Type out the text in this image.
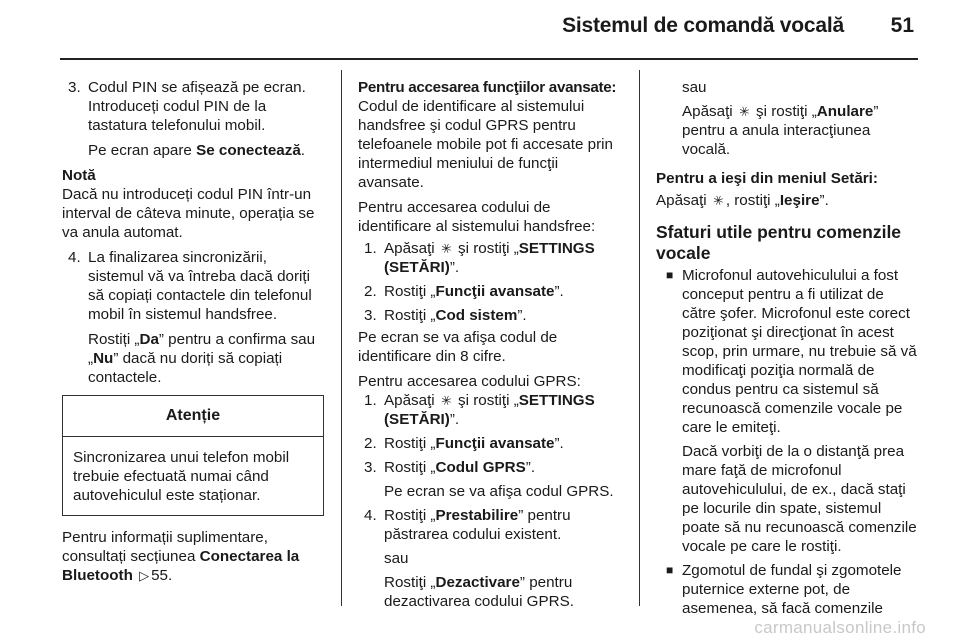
Sistemul de comandă vocală 51
3. Codul PIN se afișează pe ecran. Introduceți codul PIN de la tastatura telefonului mobil.

Pe ecran apare Se conectează.

Notă

Dacă nu introduceți codul PIN într-un interval de câteva minute, operația se va anula automat.

4. La finalizarea sincronizării, sistemul vă va întreba dacă doriți să copiați contactele din telefonul mobil în sistemul handsfree.

Rostiți „Da” pentru a confirma sau „Nu” dacă nu doriți să copiați contactele.

Atenție
Sincronizarea unui telefon mobil trebuie efectuată numai când autovehiculul este staționar.

Pentru informații suplimentare, consultați secțiunea Conectarea la Bluetooth ▷ 55.

Pentru accesarea funcţiilor avansate:

Codul de identificare al sistemului handsfree şi codul GPRS pentru telefoanele mobile pot fi accesate prin intermediul meniului de funcţii avansate.

Pentru accesarea codului de identificare al sistemului handsfree:

1. Apăsaţi ✳ şi rostiţi „SETTINGS (SETĂRI)”.

2. Rostiţi „Funcţii avansate”.

3. Rostiţi „Cod sistem”.

Pe ecran se va afişa codul de identificare din 8 cifre.

Pentru accesarea codului GPRS:

1. Apăsaţi ✳ şi rostiţi „SETTINGS (SETĂRI)”.

2. Rostiţi „Funcţii avansate”.

3. Rostiţi „Codul GPRS”.

Pe ecran se va afişa codul GPRS.

4. Rostiţi „Prestabilire” pentru păstrarea codului existent.

sau

Rostiţi „Dezactivare” pentru dezactivarea codului GPRS.

sau

Apăsaţi ✳ şi rostiţi „Anulare” pentru a anula interacţiunea vocală.

Pentru a ieşi din meniul Setări:

Apăsaţi ✳, rostiţi „Ieşire”.

Sfaturi utile pentru comenzile vocale

■ Microfonul autovehiculului a fost conceput pentru a fi utilizat de către şofer. Microfonul este corect poziţionat şi direcţionat în acest scop, prin urmare, nu trebuie să vă modificaţi poziţia normală de condus pentru ca sistemul să recunoască comenzile vocale pe care le emiteţi.

Dacă vorbiţi de la o distanţă prea mare faţă de microfonul autovehiculului, de ex., dacă staţi pe locurile din spate, sistemul poate să nu recunoască comenzile vocale pe care le rostiţi.

■ Zgomotul de fundal şi zgomotele puternice externe pot, de asemenea, să facă comenzile

carmanualsonline.info
